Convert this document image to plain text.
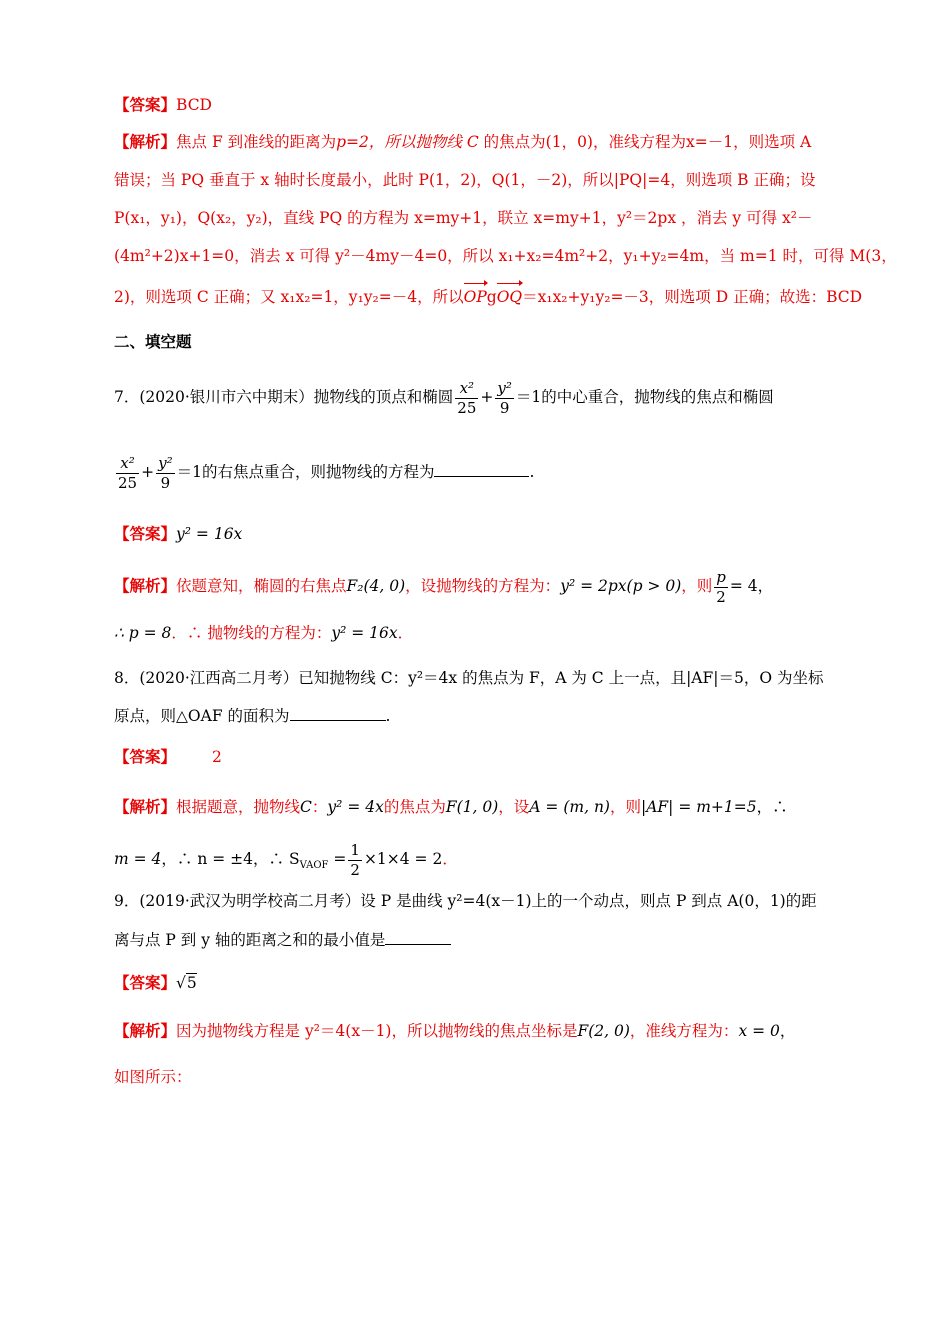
【答案】BCD
【解析】焦点 F 到准线的距离为p=2，所以抛物线 C 的焦点为(1，0)，准线方程为x=－1，则选项 A
错误；当 PQ 垂直于 x 轴时长度最小，此时 P(1，2)，Q(1，－2)，所以|PQ|=4，则选项 B 正确；设
P(x₁，y₁)，Q(x₂，y₂)，直线 PQ 的方程为 x=my+1，联立 x=my+1，y²＝2px ，消去 y 可得 x²－
(4m²+2)x+1=0，消去 x 可得 y²－4my－4=0，所以 x₁+x₂=4m²+2，y₁+y₂=4m，当 m=1 时，可得 M(3，
2)，则选项 C 正确；又 x₁x₂=1，y₁y₂=－4，所以OPgOQ＝x₁x₂+y₁y₂=－3，则选项 D 正确；故选：BCD
二、填空题
7．(2020·银川市六中期末）抛物线的顶点和椭圆 $\frac{\text{x²}}{25} + \frac{\text{y²}}{9} =1$的中心重合，抛物线的焦点和椭圆
$\frac{\text{x²}}{25} + \frac{\text{y²}}{9} =1$的右焦点重合，则抛物线的方程为	.
【答案】y² = 16x
【解析】依题意知，椭圆的右焦点F₂(4, 0)，设抛物线的方程为：y² = 2px(p > 0)，则 $\frac{p}{2} = 4$，
∴ p = 8．∴ 抛物线的方程为：y² = 16x．
8．(2020·江西高二月考）已知抛物线 C：y²＝4x 的焦点为 F，A 为 C 上一点，且|AF|＝5，O 为坐标
原点，则△OAF 的面积为	.
【答案】 2
【解析】根据题意，抛物线C：y² = 4x的焦点为F(1, 0)，设A = (m, n)，则|AF| = m+1=5，∴
m = 4，∴ n = ±4，∴ $S_{VAOF} = \frac{1}{2} \times 1\times 4 = 2$．
9．(2019·武汉为明学校高二月考）设 P 是曲线 y²=4(x－1)上的一个动点，则点 P 到点 A(0，1)的距
离与点 P 到 y 轴的距离之和的最小值是
【答案】√5
【解析】因为抛物线方程是 y²＝4(x－1)，所以抛物线的焦点坐标是F(2, 0)，准线方程为：x = 0，
如图所示：
